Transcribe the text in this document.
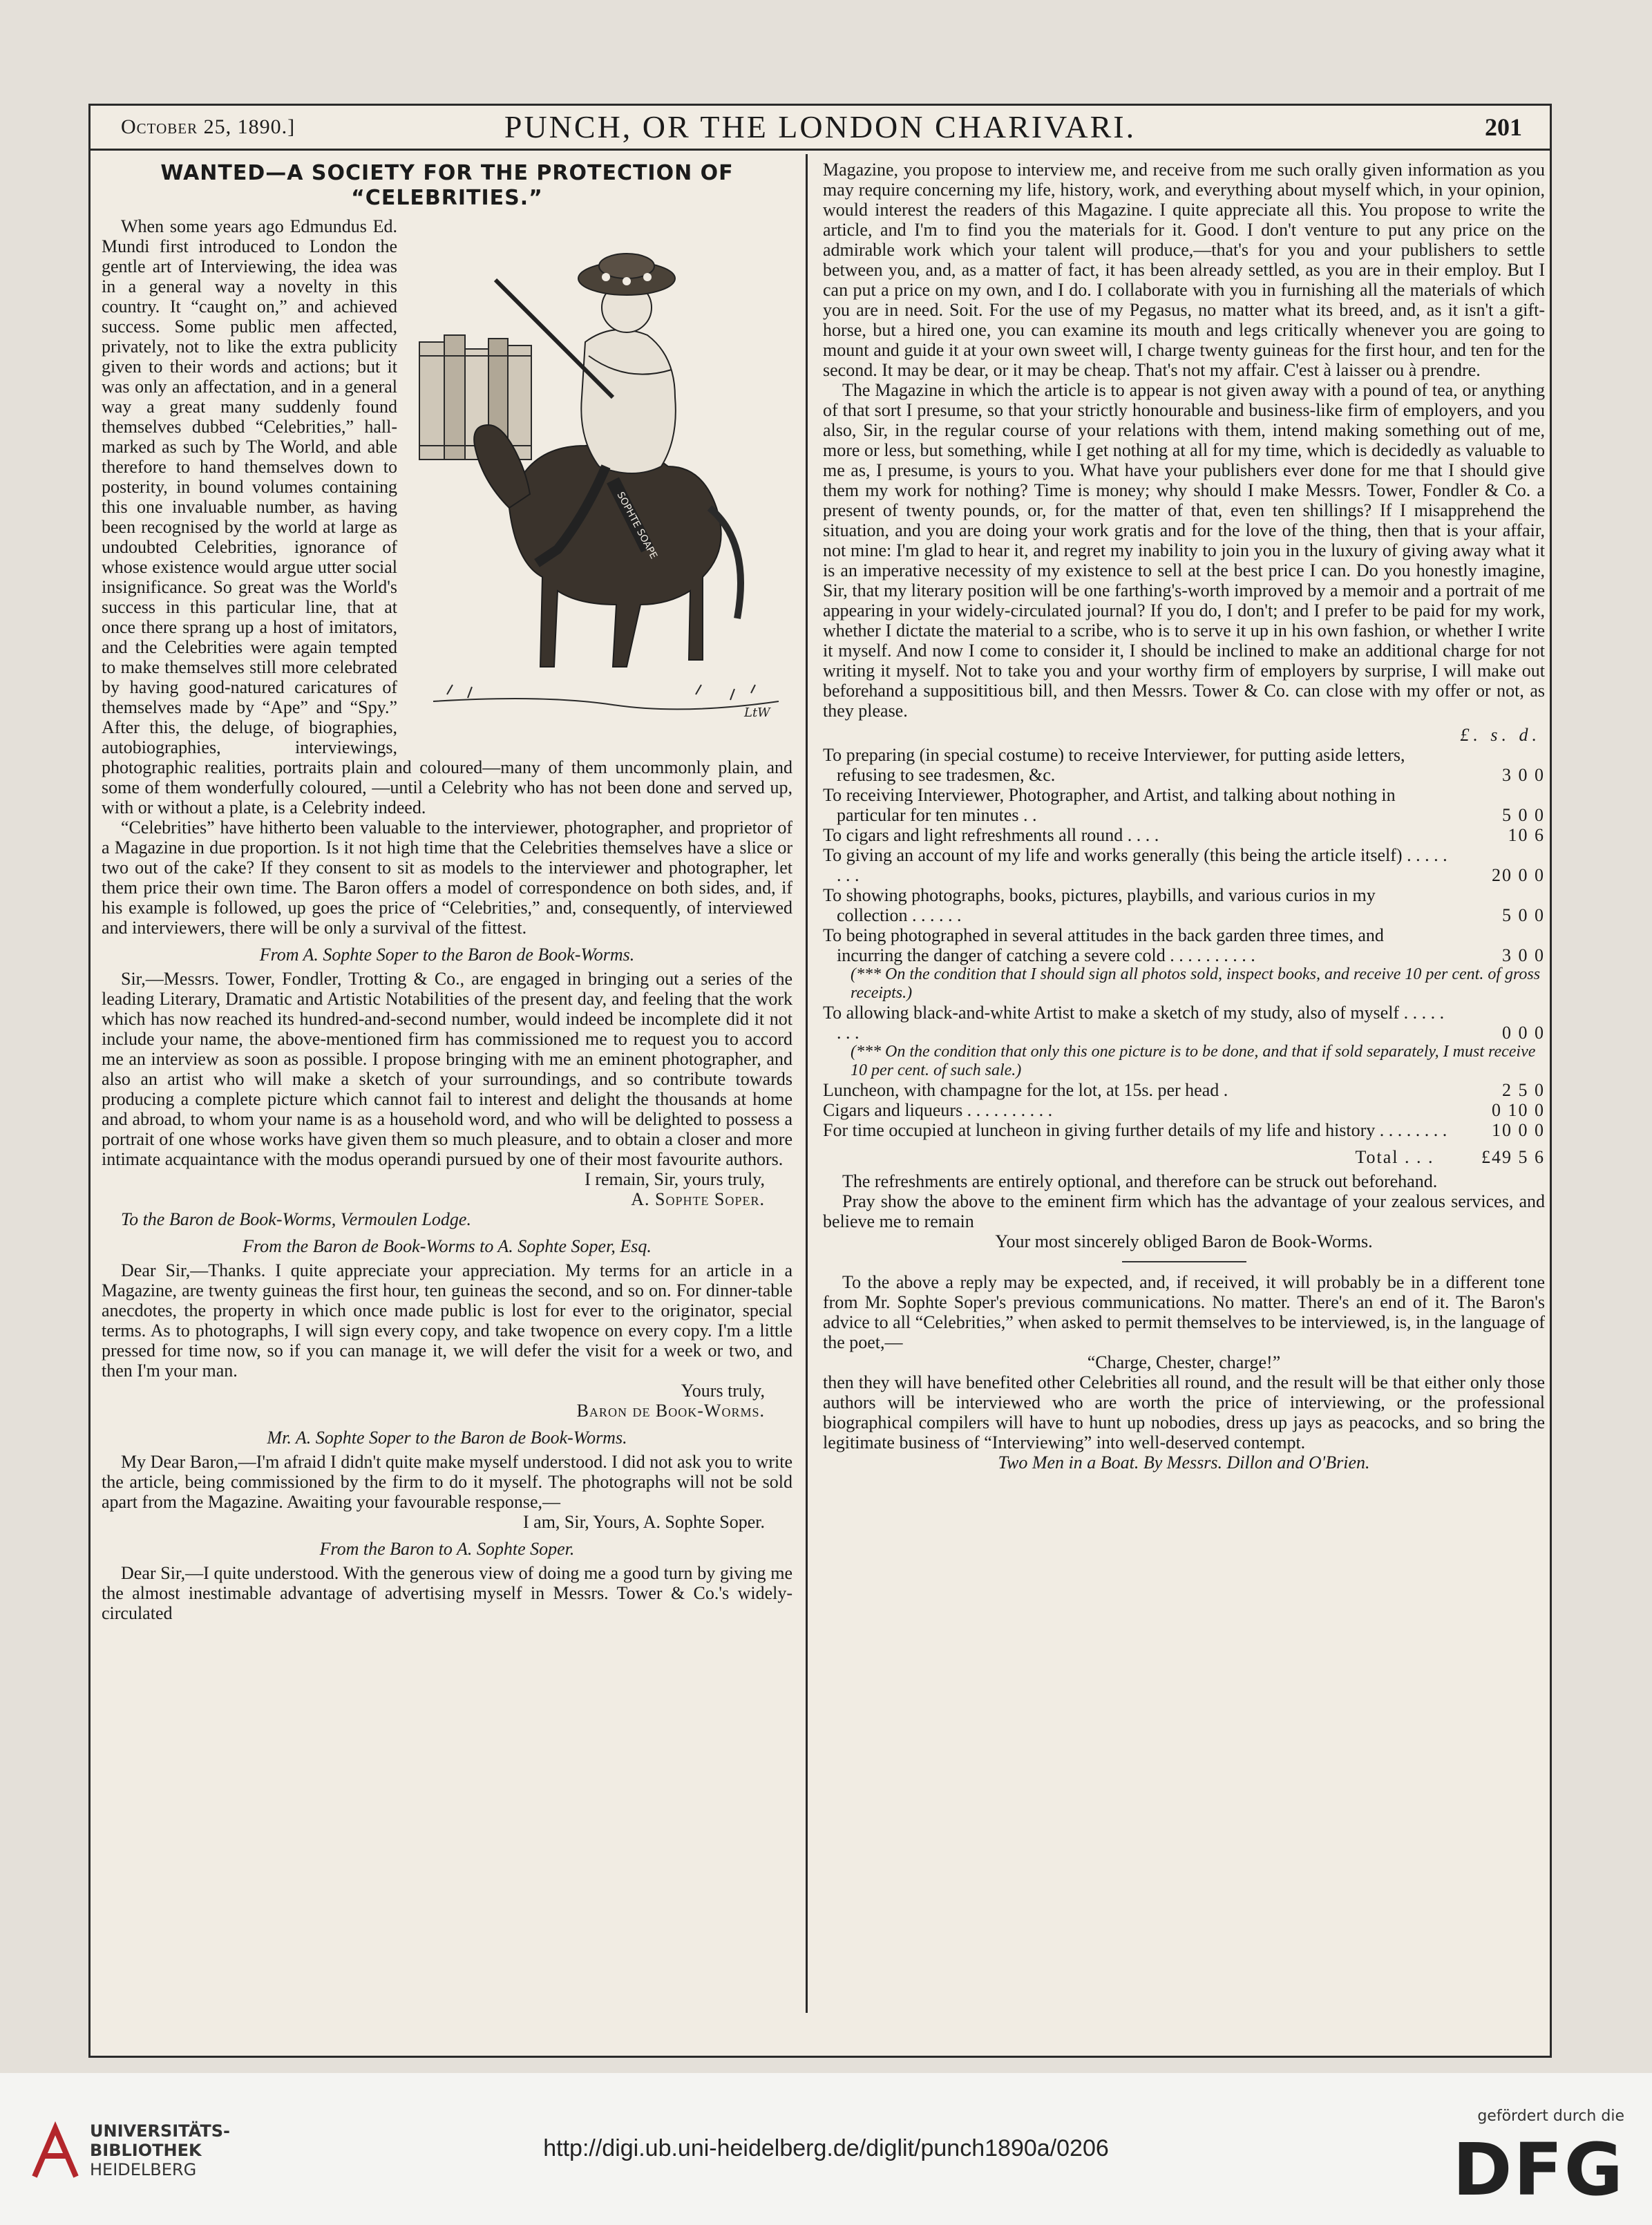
October 25, 1890.]	PUNCH, OR THE LONDON CHARIVARI.	201
WANTED—A SOCIETY FOR THE PROTECTION OF “CELEBRITIES.”
SOPHTE SOAPE
LtW

When some years ago Edmundus Ed. Mundi first introduced to London the gentle art of Interviewing, the idea was in a general way a novelty in this country. It “caught on,” and achieved success. Some public men affected, privately, not to like the extra publicity given to their words and actions; but it was only an affectation, and in a general way a great many suddenly found themselves dubbed “Celebrities,” hall-marked as such by The World, and able therefore to hand themselves down to posterity, in bound volumes containing this one invaluable number, as having been recognised by the world at large as undoubted Celebrities, ignorance of whose existence would argue utter social insignificance. So great was the World's success in this particular line, that at once there sprang up a host of imitators, and the Celebrities were again tempted to make themselves still more celebrated by having good-natured caricatures of themselves made by “Ape” and “Spy.” After this, the deluge, of biographies, autobiographies, interviewings, photographic realities, portraits plain and coloured—many of them uncommonly plain, and some of them wonderfully coloured, —until a Celebrity who has not been done and served up, with or without a plate, is a Celebrity indeed.

“Celebrities” have hitherto been valuable to the interviewer, photographer, and proprietor of a Magazine in due proportion. Is it not high time that the Celebrities themselves have a slice or two out of the cake? If they consent to sit as models to the interviewer and photographer, let them price their own time. The Baron offers a model of correspondence on both sides, and, if his example is followed, up goes the price of “Celebrities,” and, consequently, of interviewed and interviewers, there will be only a survival of the fittest.

From A. Sophte Soper to the Baron de Book-Worms.

Sir,—Messrs. Tower, Fondler, Trotting & Co., are engaged in bringing out a series of the leading Literary, Dramatic and Artistic Notabilities of the present day, and feeling that the work which has now reached its hundred-and-second number, would indeed be incomplete did it not include your name, the above-mentioned firm has commissioned me to request you to accord me an interview as soon as possible. I propose bringing with me an eminent photographer, and also an artist who will make a sketch of your surroundings, and so contribute towards producing a complete picture which cannot fail to interest and delight the thousands at home and abroad, to whom your name is as a household word, and who will be delighted to possess a portrait of one whose works have given them so much pleasure, and to obtain a closer and more intimate acquaintance with the modus operandi pursued by one of their most favourite authors.

I remain, Sir, yours truly,

A. Sophte Soper.

To the Baron de Book-Worms, Vermoulen Lodge.

From the Baron de Book-Worms to A. Sophte Soper, Esq.

Dear Sir,—Thanks. I quite appreciate your appreciation. My terms for an article in a Magazine, are twenty guineas the first hour, ten guineas the second, and so on. For dinner-table anecdotes, the property in which once made public is lost for ever to the originator, special terms. As to photographs, I will sign every copy, and take twopence on every copy. I'm a little pressed for time now, so if you can manage it, we will defer the visit for a week or two, and then I'm your man.

Yours truly,

Baron de Book-Worms.

Mr. A. Sophte Soper to the Baron de Book-Worms.

My Dear Baron,—I'm afraid I didn't quite make myself understood. I did not ask you to write the article, being commissioned by the firm to do it myself. The photographs will not be sold apart from the Magazine. Awaiting your favourable response,—

I am, Sir, Yours, A. Sophte Soper.

From the Baron to A. Sophte Soper.

Dear Sir,—I quite understood. With the generous view of doing me a good turn by giving me the almost inestimable advantage of advertising myself in Messrs. Tower & Co.'s widely-circulated

Magazine, you propose to interview me, and receive from me such orally given information as you may require concerning my life, history, work, and everything about myself which, in your opinion, would interest the readers of this Magazine. I quite appreciate all this. You propose to write the article, and I'm to find you the materials for it. Good. I don't venture to put any price on the admirable work which your talent will produce,—that's for you and your publishers to settle between you, and, as a matter of fact, it has been already settled, as you are in their employ. But I can put a price on my own, and I do. I collaborate with you in furnishing all the materials of which you are in need. Soit. For the use of my Pegasus, no matter what its breed, and, as it isn't a gift-horse, but a hired one, you can examine its mouth and legs critically whenever you are going to mount and guide it at your own sweet will, I charge twenty guineas for the first hour, and ten for the second. It may be dear, or it may be cheap. That's not my affair. C'est à laisser ou à prendre.

The Magazine in which the article is to appear is not given away with a pound of tea, or anything of that sort I presume, so that your strictly honourable and business-like firm of employers, and you also, Sir, in the regular course of your relations with them, intend making something out of me, more or less, but something, while I get nothing at all for my time, which is decidedly as valuable to me as, I presume, is yours to you. What have your publishers ever done for me that I should give them my work for nothing? Time is money; why should I make Messrs. Tower, Fondler & Co. a present of twenty pounds, or, for the matter of that, even ten shillings? If I misapprehend the situation, and you are doing your work gratis and for the love of the thing, then that is your affair, not mine: I'm glad to hear it, and regret my inability to join you in the luxury of giving away what it is an imperative necessity of my existence to sell at the best price I can. Do you honestly imagine, Sir, that my literary position will be one farthing's-worth improved by a memoir and a portrait of me appearing in your widely-circulated journal? If you do, I don't; and I prefer to be paid for my work, whether I dictate the material to a scribe, who is to serve it up in his own fashion, or whether I write it myself. And now I come to consider it, I should be inclined to make an additional charge for not writing it myself. Not to take you and your worthy firm of employers by surprise, I will make out beforehand a supposititious bill, and then Messrs. Tower & Co. can close with my offer or not, as they please.

£. s. d.
To preparing (in special costume) to receive Interviewer, for putting aside letters, refusing to see tradesmen, &c.	3 0 0
To receiving Interviewer, Photographer, and Artist, and talking about nothing in particular for ten minutes . .	5 0 0
To cigars and light refreshments all round . . . .	10 6
To giving an account of my life and works generally (this being the article itself) . . . . . . . .	20 0 0
To showing photographs, books, pictures, playbills, and various curios in my collection . . . . . .	5 0 0
To being photographed in several attitudes in the back garden three times, and incurring the danger of catching a severe cold . . . . . . . . . .	3 0 0
(*** On the condition that I should sign all photos sold, inspect books, and receive 10 per cent. of gross receipts.)
To allowing black-and-white Artist to make a sketch of my study, also of myself . . . . . . . .	0 0 0
(*** On the condition that only this one picture is to be done, and that if sold separately, I must receive 10 per cent. of such sale.)
Luncheon, with champagne for the lot, at 15s. per head .	2 5 0
Cigars and liqueurs . . . . . . . . . .	0 10 0
For time occupied at luncheon in giving further details of my life and history . . . . . . . .	10 0 0
Total . . .	£49 5 6

The refreshments are entirely optional, and therefore can be struck out beforehand.

Pray show the above to the eminent firm which has the advantage of your zealous services, and believe me to remain

Your most sincerely obliged Baron de Book-Worms.

To the above a reply may be expected, and, if received, it will probably be in a different tone from Mr. Sophte Soper's previous communications. No matter. There's an end of it. The Baron's advice to all “Celebrities,” when asked to permit themselves to be interviewed, is, in the language of the poet,—

“Charge, Chester, charge!”

then they will have benefited other Celebrities all round, and the result will be that either only those authors will be interviewed who are worth the price of interviewing, or the professional biographical compilers will have to hunt up nobodies, dress up jays as peacocks, and so bring the legitimate business of “Interviewing” into well-deserved contempt.

Two Men in a Boat. By Messrs. Dillon and O'Brien.

UNIVERSITÄTS-
BIBLIOTHEK
HEIDELBERG
http://digi.ub.uni-heidelberg.de/diglit/punch1890a/0206
gefördert durch die
DFG
